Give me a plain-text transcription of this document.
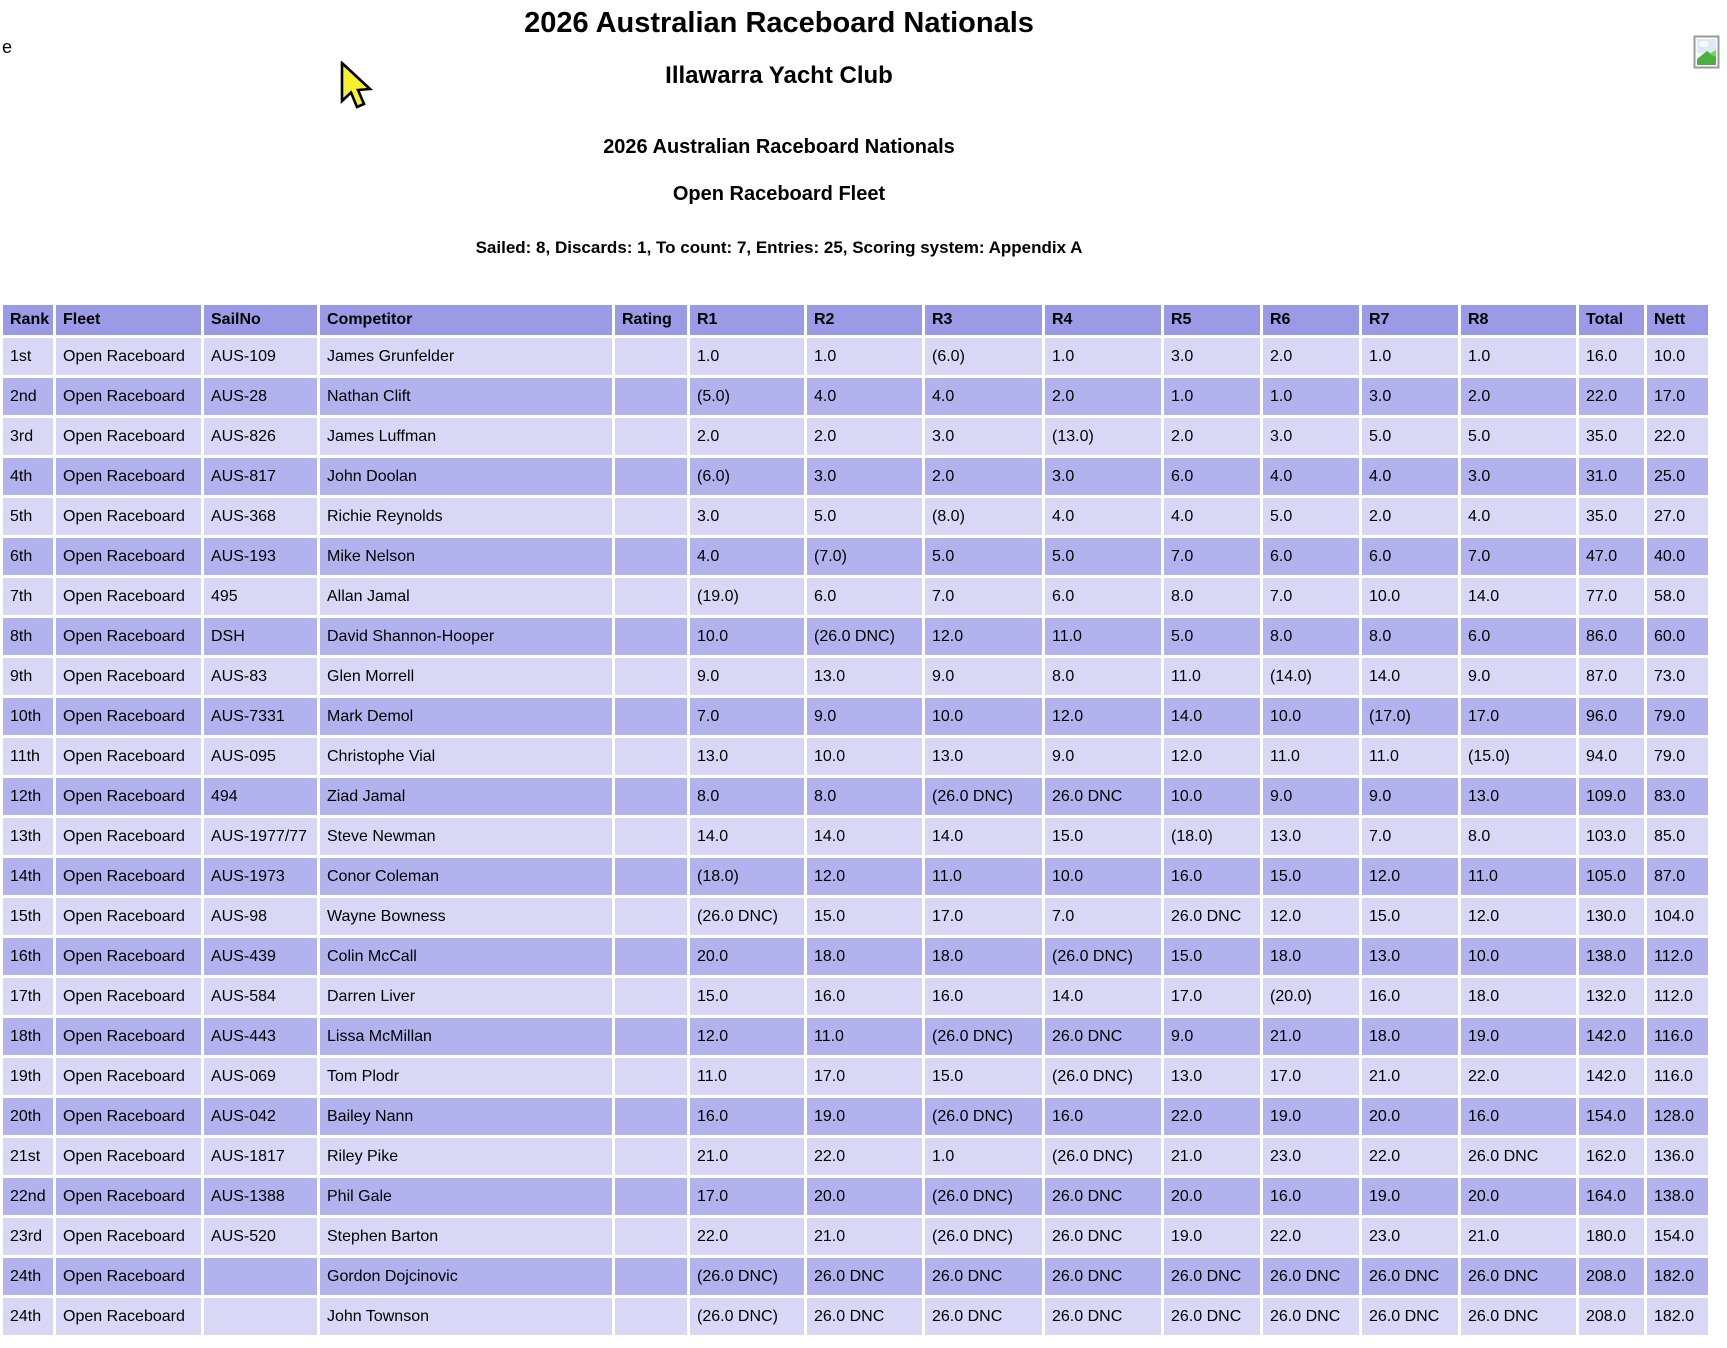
e
2026 Australian Raceboard Nationals
Illawarra Yacht Club
2026 Australian Raceboard Nationals
Open Raceboard Fleet

Sailed: 8, Discards: 1, To count: 7, Entries: 25, Scoring system: Appendix A

Rank	Fleet	SailNo	Competitor	Rating	R1	R2	R3	R4	R5	R6	R7	R8	Total	Nett
1st	Open Raceboard	AUS-109	James Grunfelder		1.0	1.0	(6.0)	1.0	3.0	2.0	1.0	1.0	16.0	10.0
2nd	Open Raceboard	AUS-28	Nathan Clift		(5.0)	4.0	4.0	2.0	1.0	1.0	3.0	2.0	22.0	17.0
3rd	Open Raceboard	AUS-826	James Luffman		2.0	2.0	3.0	(13.0)	2.0	3.0	5.0	5.0	35.0	22.0
4th	Open Raceboard	AUS-817	John Doolan		(6.0)	3.0	2.0	3.0	6.0	4.0	4.0	3.0	31.0	25.0
5th	Open Raceboard	AUS-368	Richie Reynolds		3.0	5.0	(8.0)	4.0	4.0	5.0	2.0	4.0	35.0	27.0
6th	Open Raceboard	AUS-193	Mike Nelson		4.0	(7.0)	5.0	5.0	7.0	6.0	6.0	7.0	47.0	40.0
7th	Open Raceboard	495	Allan Jamal		(19.0)	6.0	7.0	6.0	8.0	7.0	10.0	14.0	77.0	58.0
8th	Open Raceboard	DSH	David Shannon-Hooper		10.0	(26.0 DNC)	12.0	11.0	5.0	8.0	8.0	6.0	86.0	60.0
9th	Open Raceboard	AUS-83	Glen Morrell		9.0	13.0	9.0	8.0	11.0	(14.0)	14.0	9.0	87.0	73.0
10th	Open Raceboard	AUS-7331	Mark Demol		7.0	9.0	10.0	12.0	14.0	10.0	(17.0)	17.0	96.0	79.0
11th	Open Raceboard	AUS-095	Christophe Vial		13.0	10.0	13.0	9.0	12.0	11.0	11.0	(15.0)	94.0	79.0
12th	Open Raceboard	494	Ziad Jamal		8.0	8.0	(26.0 DNC)	26.0 DNC	10.0	9.0	9.0	13.0	109.0	83.0
13th	Open Raceboard	AUS-1977/77	Steve Newman		14.0	14.0	14.0	15.0	(18.0)	13.0	7.0	8.0	103.0	85.0
14th	Open Raceboard	AUS-1973	Conor Coleman		(18.0)	12.0	11.0	10.0	16.0	15.0	12.0	11.0	105.0	87.0
15th	Open Raceboard	AUS-98	Wayne Bowness		(26.0 DNC)	15.0	17.0	7.0	26.0 DNC	12.0	15.0	12.0	130.0	104.0
16th	Open Raceboard	AUS-439	Colin McCall		20.0	18.0	18.0	(26.0 DNC)	15.0	18.0	13.0	10.0	138.0	112.0
17th	Open Raceboard	AUS-584	Darren Liver		15.0	16.0	16.0	14.0	17.0	(20.0)	16.0	18.0	132.0	112.0
18th	Open Raceboard	AUS-443	Lissa McMillan		12.0	11.0	(26.0 DNC)	26.0 DNC	9.0	21.0	18.0	19.0	142.0	116.0
19th	Open Raceboard	AUS-069	Tom Plodr		11.0	17.0	15.0	(26.0 DNC)	13.0	17.0	21.0	22.0	142.0	116.0
20th	Open Raceboard	AUS-042	Bailey Nann		16.0	19.0	(26.0 DNC)	16.0	22.0	19.0	20.0	16.0	154.0	128.0
21st	Open Raceboard	AUS-1817	Riley Pike		21.0	22.0	1.0	(26.0 DNC)	21.0	23.0	22.0	26.0 DNC	162.0	136.0
22nd	Open Raceboard	AUS-1388	Phil Gale		17.0	20.0	(26.0 DNC)	26.0 DNC	20.0	16.0	19.0	20.0	164.0	138.0
23rd	Open Raceboard	AUS-520	Stephen Barton		22.0	21.0	(26.0 DNC)	26.0 DNC	19.0	22.0	23.0	21.0	180.0	154.0
24th	Open Raceboard		Gordon Dojcinovic		(26.0 DNC)	26.0 DNC	26.0 DNC	26.0 DNC	26.0 DNC	26.0 DNC	26.0 DNC	26.0 DNC	208.0	182.0
24th	Open Raceboard		John Townson		(26.0 DNC)	26.0 DNC	26.0 DNC	26.0 DNC	26.0 DNC	26.0 DNC	26.0 DNC	26.0 DNC	208.0	182.0
